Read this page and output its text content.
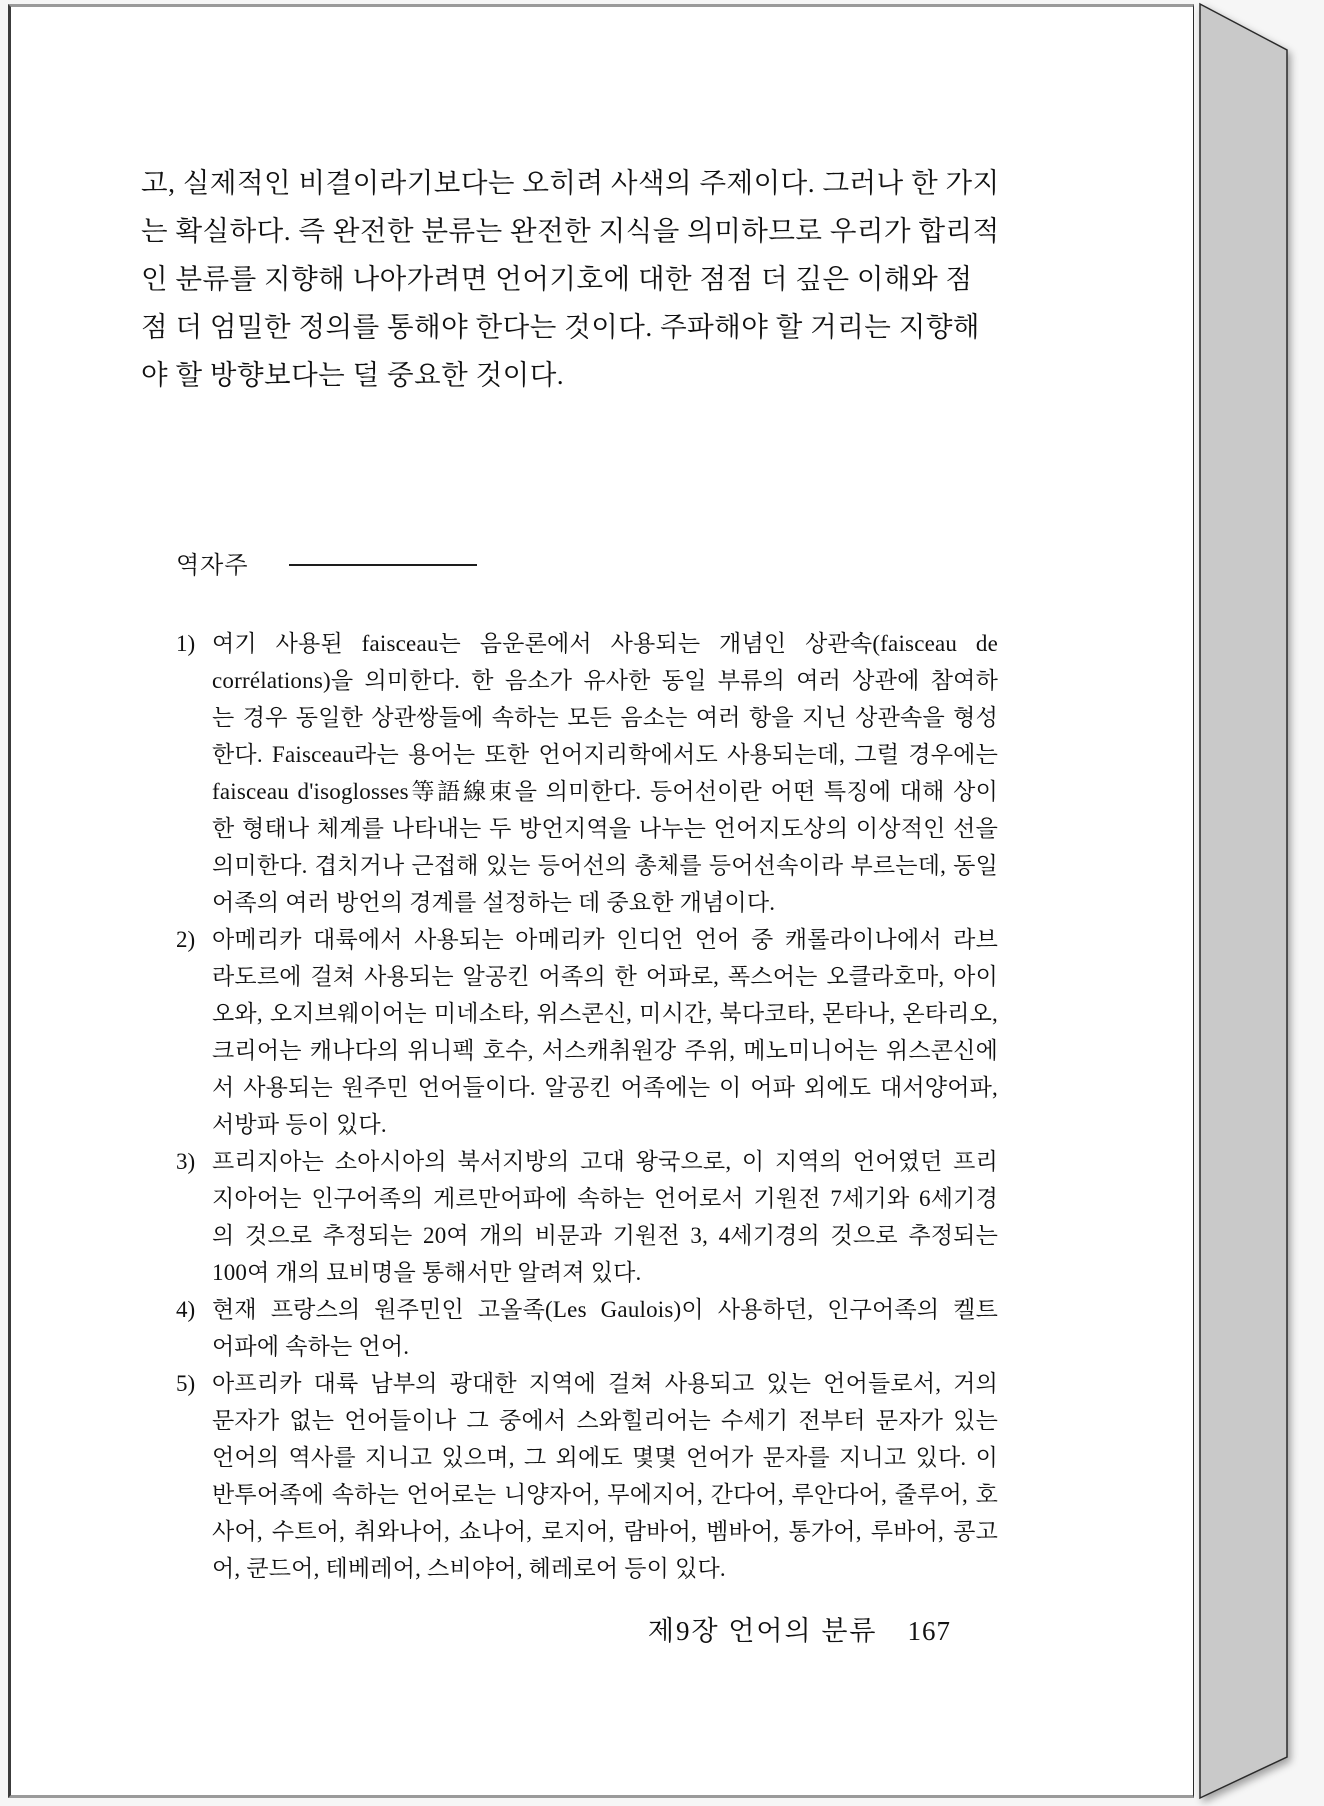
고, 실제적인 비결이라기보다는 오히려 사색의 주제이다. 그러나 한 가지
는 확실하다. 즉 완전한 분류는 완전한 지식을 의미하므로 우리가 합리적
인 분류를 지향해 나아가려면 언어기호에 대한 점점 더 깊은 이해와 점
점 더 엄밀한 정의를 통해야 한다는 것이다. 주파해야 할 거리는 지향해
야 할 방향보다는 덜 중요한 것이다.
역자주
1) 여기 사용된 faisceau는 음운론에서 사용되는 개념인 상관속(faisceau de
corrélations)을 의미한다. 한 음소가 유사한 동일 부류의 여러 상관에 참여하
는 경우 동일한 상관쌍들에 속하는 모든 음소는 여러 항을 지닌 상관속을 형성
한다. Faisceau라는 용어는 또한 언어지리학에서도 사용되는데, 그럴 경우에는
faisceau d'isoglosses等語線束을 의미한다. 등어선이란 어떤 특징에 대해 상이
한 형태나 체계를 나타내는 두 방언지역을 나누는 언어지도상의 이상적인 선을
의미한다. 겹치거나 근접해 있는 등어선의 총체를 등어선속이라 부르는데, 동일
어족의 여러 방언의 경계를 설정하는 데 중요한 개념이다.
2) 아메리카 대륙에서 사용되는 아메리카 인디언 언어 중 캐롤라이나에서 라브
라도르에 걸쳐 사용되는 알공킨 어족의 한 어파로, 폭스어는 오클라호마, 아이
오와, 오지브웨이어는 미네소타, 위스콘신, 미시간, 북다코타, 몬타나, 온타리오,
크리어는 캐나다의 위니펙 호수, 서스캐취원강 주위, 메노미니어는 위스콘신에
서 사용되는 원주민 언어들이다. 알공킨 어족에는 이 어파 외에도 대서양어파,
서방파 등이 있다.
3) 프리지아는 소아시아의 북서지방의 고대 왕국으로, 이 지역의 언어였던 프리
지아어는 인구어족의 게르만어파에 속하는 언어로서 기원전 7세기와 6세기경
의 것으로 추정되는 20여 개의 비문과 기원전 3, 4세기경의 것으로 추정되는
100여 개의 묘비명을 통해서만 알려져 있다.
4) 현재 프랑스의 원주민인 고올족(Les Gaulois)이 사용하던, 인구어족의 켈트
어파에 속하는 언어.
5) 아프리카 대륙 남부의 광대한 지역에 걸쳐 사용되고 있는 언어들로서, 거의
문자가 없는 언어들이나 그 중에서 스와힐리어는 수세기 전부터 문자가 있는
언어의 역사를 지니고 있으며, 그 외에도 몇몇 언어가 문자를 지니고 있다. 이
반투어족에 속하는 언어로는 니양자어, 무에지어, 간다어, 루안다어, 줄루어, 호
사어, 수트어, 취와나어, 쇼나어, 로지어, 람바어, 벰바어, 통가어, 루바어, 콩고
어, 쿤드어, 테베레어, 스비야어, 헤레로어 등이 있다.
제9장 언어의 분류 167
